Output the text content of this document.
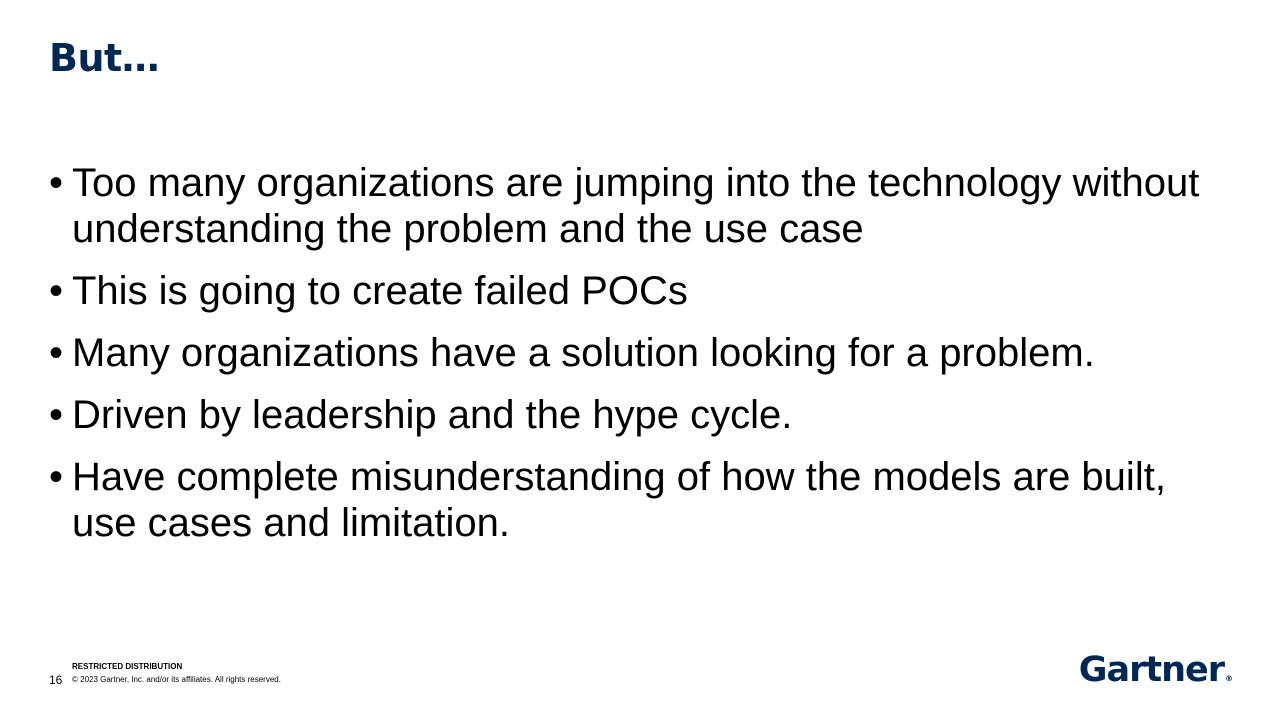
But…
• Too many organizations are jumping into the technology without understanding the problem and the use case
• This is going to create failed POCs
• Many organizations have a solution looking for a problem.
• Driven by leadership and the hype cycle.
• Have complete misunderstanding of how the models are built, use cases and limitation.
16
RESTRICTED DISTRIBUTION
© 2023 Gartner, Inc. and/or its affiliates. All rights reserved.	Gartner®
